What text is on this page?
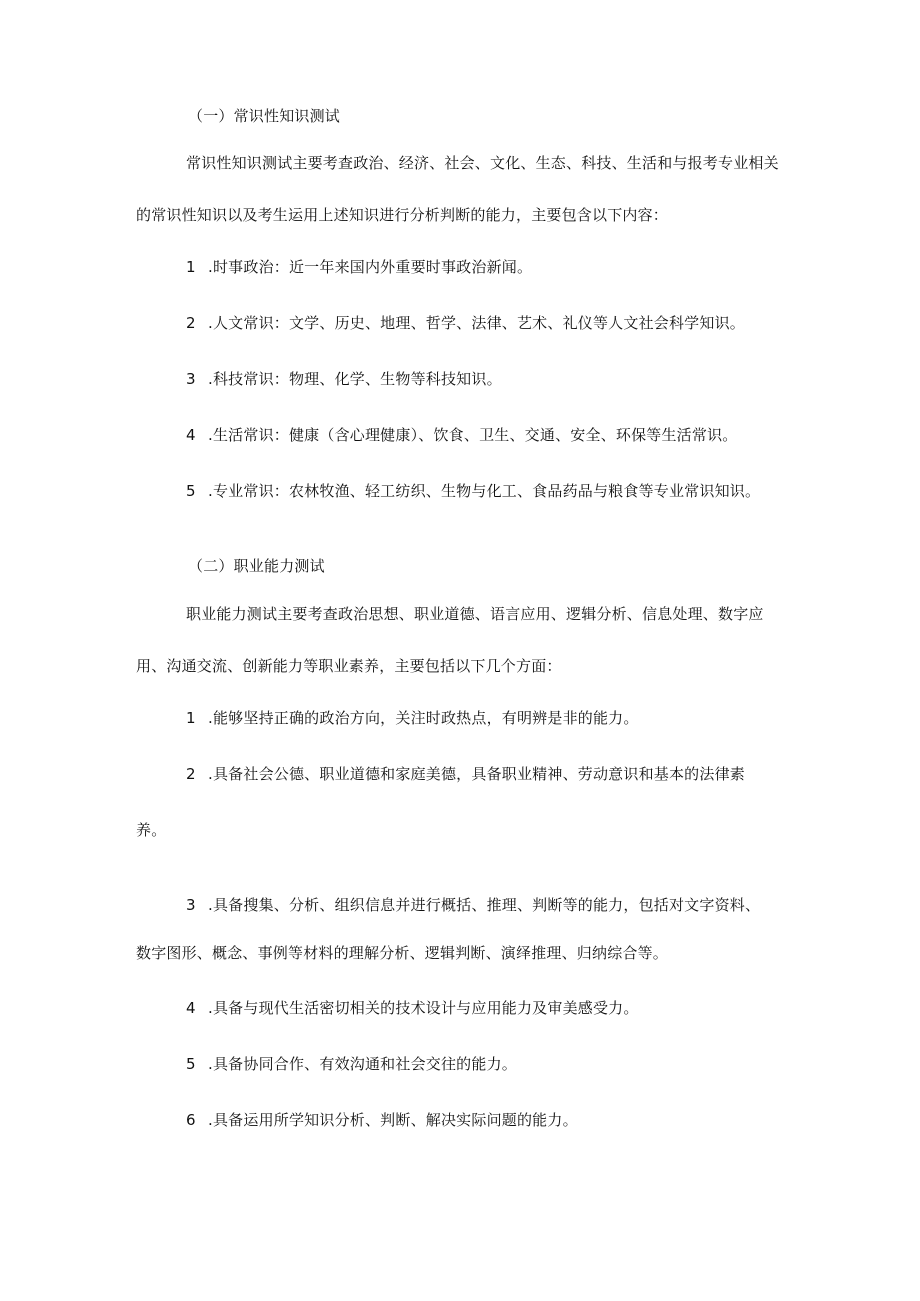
（一）常识性知识测试
常识性知识测试主要考查政治、经济、社会、文化、生态、科技、生活和与报考专业相关
的常识性知识以及考生运用上述知识进行分析判断的能力，主要包含以下内容：
1 .时事政治：近一年来国内外重要时事政治新闻。
2 .人文常识：文学、历史、地理、哲学、法律、艺术、礼仪等人文社会科学知识。
3 .科技常识：物理、化学、生物等科技知识。
4 .生活常识：健康（含心理健康）、饮食、卫生、交通、安全、环保等生活常识。
5 .专业常识：农林牧渔、轻工纺织、生物与化工、食品药品与粮食等专业常识知识。
（二）职业能力测试
职业能力测试主要考查政治思想、职业道德、语言应用、逻辑分析、信息处理、数字应
用、沟通交流、创新能力等职业素养，主要包括以下几个方面：
1 .能够坚持正确的政治方向，关注时政热点，有明辨是非的能力。
2 .具备社会公德、职业道德和家庭美德，具备职业精神、劳动意识和基本的法律素
养。
3 .具备搜集、分析、组织信息并进行概括、推理、判断等的能力，包括对文字资料、
数字图形、概念、事例等材料的理解分析、逻辑判断、演绎推理、归纳综合等。
4 .具备与现代生活密切相关的技术设计与应用能力及审美感受力。
5 .具备协同合作、有效沟通和社会交往的能力。
6 .具备运用所学知识分析、判断、解决实际问题的能力。
